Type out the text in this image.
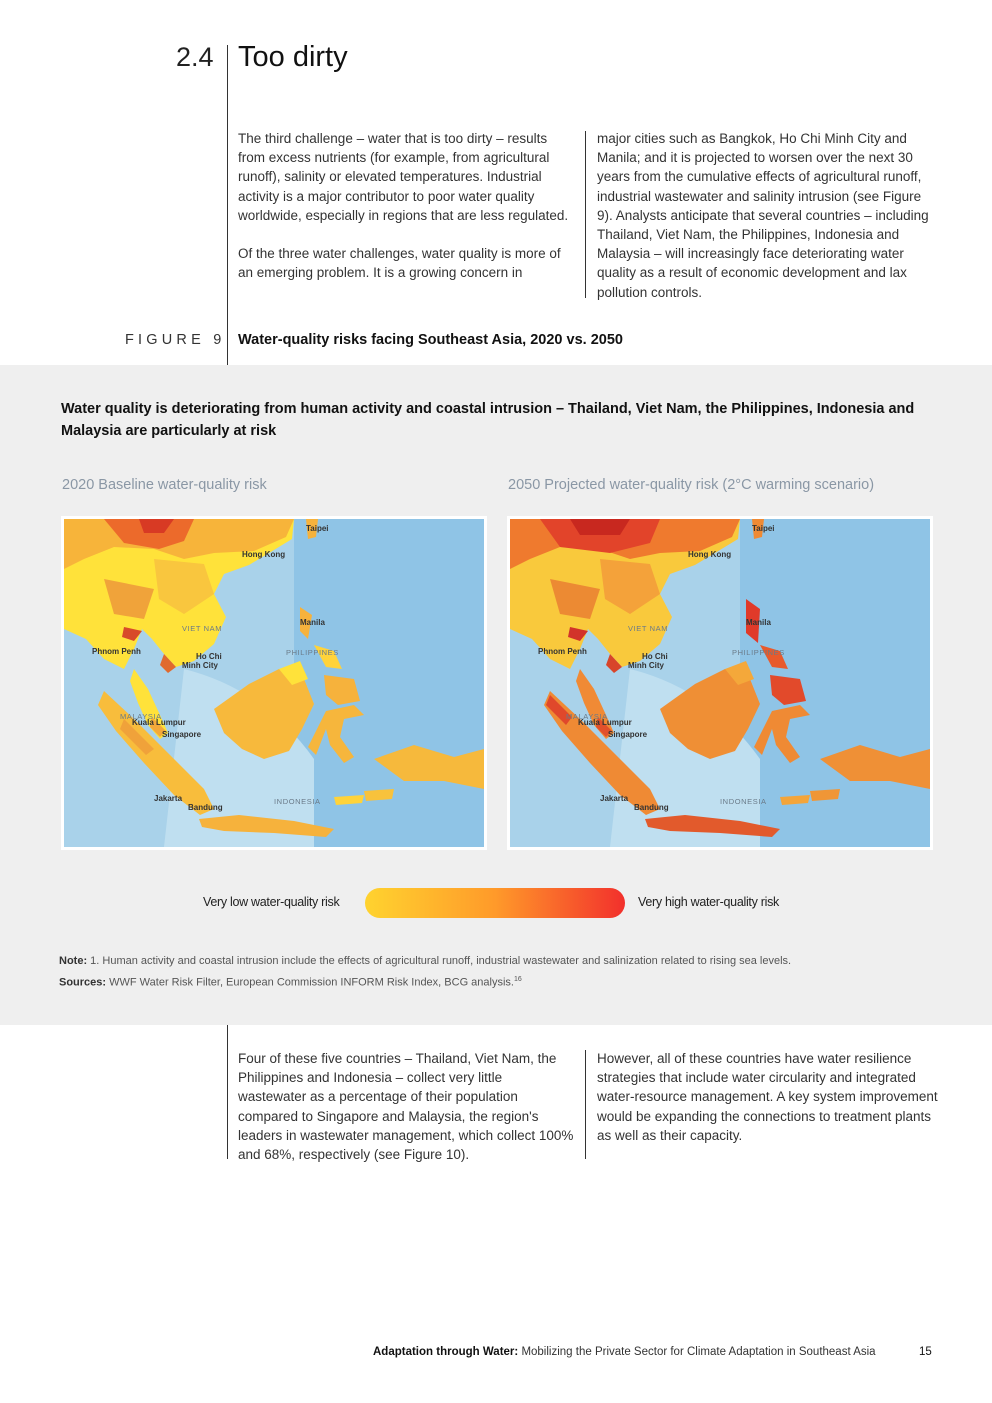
2.4 Too dirty

The third challenge – water that is too dirty – results from excess nutrients (for example, from agricultural runoff), salinity or elevated temperatures. Industrial activity is a major contributor to poor water quality worldwide, especially in regions that are less regulated.

Of the three water challenges, water quality is more of an emerging problem. It is a growing concern in

major cities such as Bangkok, Ho Chi Minh City and Manila; and it is projected to worsen over the next 30 years from the cumulative effects of agricultural runoff, industrial wastewater and salinity intrusion (see Figure 9). Analysts anticipate that several countries – including Thailand, Viet Nam, the Philippines, Indonesia and Malaysia – will increasingly face deteriorating water quality as a result of economic development and lax pollution controls.

FIGURE 9 Water-quality risks facing Southeast Asia, 2020 vs. 2050
Water quality is deteriorating from human activity and coastal intrusion – Thailand, Viet Nam, the Philippines, Indonesia and Malaysia are particularly at risk
2020 Baseline water-quality risk	2050 Projected water-quality risk (2°C warming scenario)
Taipei
Hong Kong
Manila
PHILIPPINES
VIET NAM
Phnom Penh
Ho Chi
Minh City
MALAYSIA
Kuala Lumpur
Singapore
Jakarta
Bandung
INDONESIA
Taipei
Hong Kong
Manila
PHILIPPINES
VIET NAM
Phnom Penh
Ho Chi
Minh City
MALAYSIA
Kuala Lumpur
Singapore
Jakarta
Bandung
INDONESIA
Very low water-quality risk	Very high water-quality risk
Note: 1. Human activity and coastal intrusion include the effects of agricultural runoff, industrial wastewater and salinization related to rising sea levels.
Sources: WWF Water Risk Filter, European Commission INFORM Risk Index, BCG analysis.$^{16}$

Four of these five countries – Thailand, Viet Nam, the Philippines and Indonesia – collect very little wastewater as a percentage of their population compared to Singapore and Malaysia, the region's leaders in wastewater management, which collect 100% and 68%, respectively (see Figure 10).

However, all of these countries have water resilience strategies that include water circularity and integrated water-resource management. A key system improvement would be expanding the connections to treatment plants as well as their capacity.

Adaptation through Water: Mobilizing the Private Sector for Climate Adaptation in Southeast Asia	15
